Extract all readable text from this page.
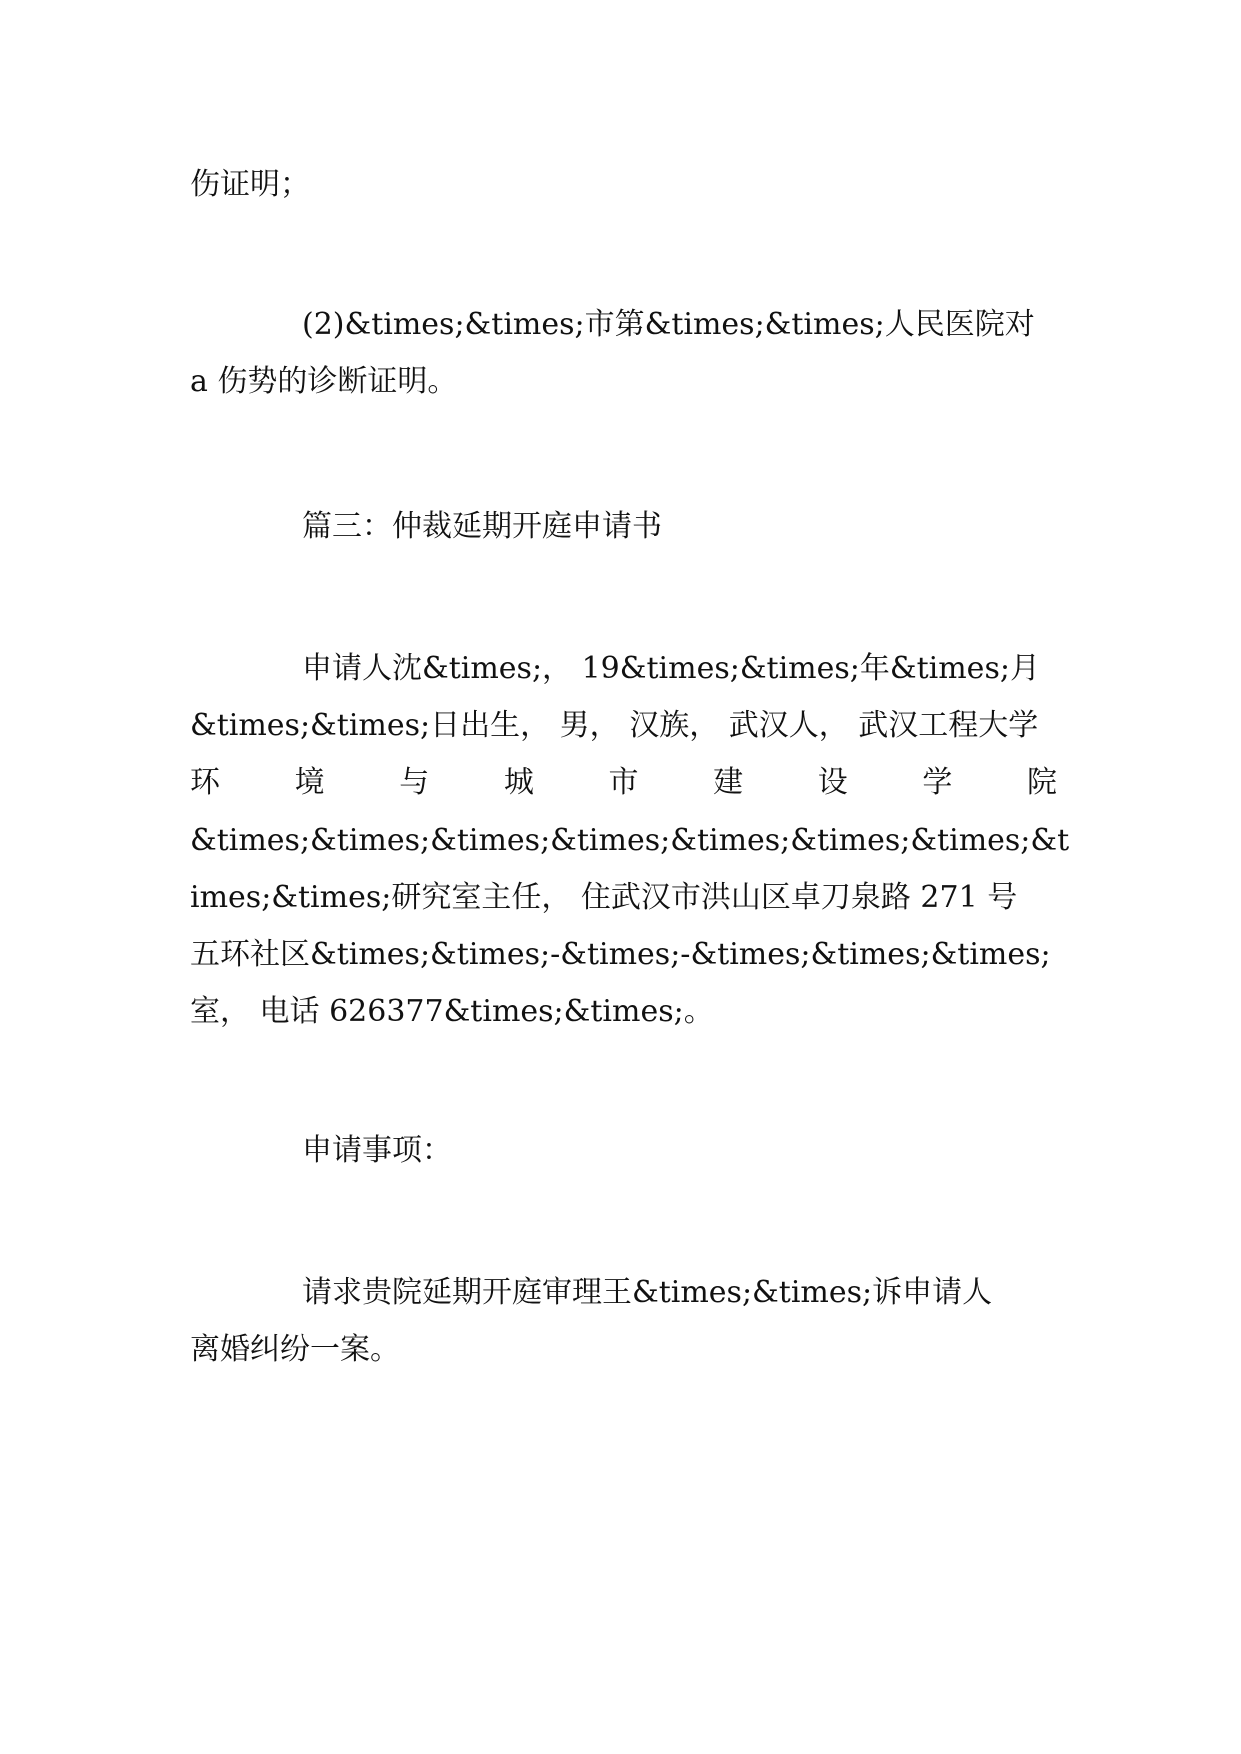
伤证明；
(2)&times;&times;市第&times;&times;人民医院对
a 伤势的诊断证明。
篇三：仲裁延期开庭申请书
申请人沈&times;， 19&times;&times;年&times;月
&times;&times;日出生， 男， 汉族， 武汉人， 武汉工程大学
环 境 与 城 市 建 设 学 院
&times;&times;&times;&times;&times;&times;&times;&t
imes;&times;研究室主任， 住武汉市洪山区卓刀泉路 271 号
五环社区&times;&times;-&times;-&times;&times;&times;
室， 电话 626377&times;&times;。
申请事项：
请求贵院延期开庭审理王&times;&times;诉申请人
离婚纠纷一案。
